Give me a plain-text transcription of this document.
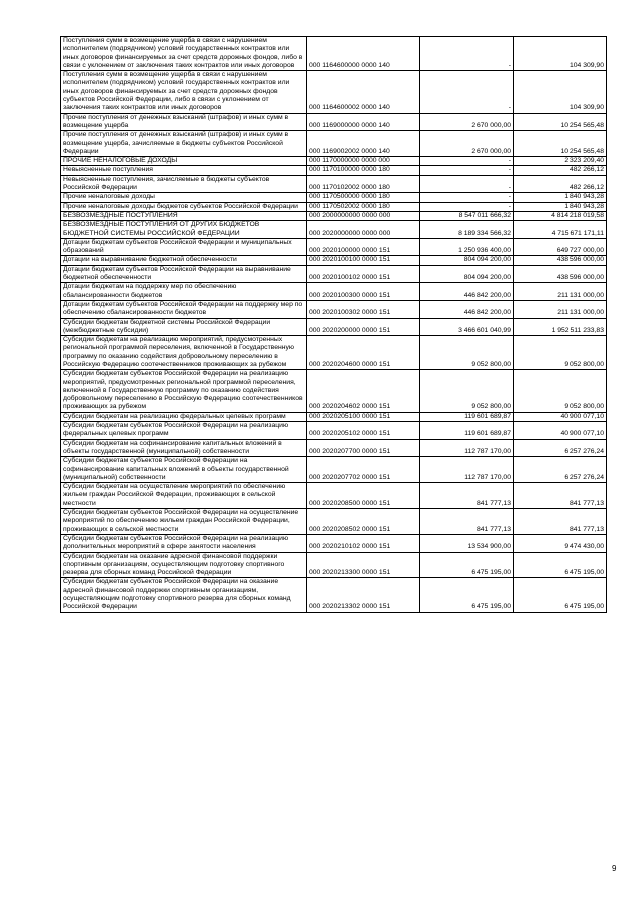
Поступления сумм в возмещение ущерба в связи с нарушением исполнителем (подрядчиком) условий государственных контрактов или иных договоров финансируемых за счет средств дорожных фондов, либо в связи с уклонением от заключения таких контрактов или иных договоров	000 1164600000 0000 140	-	104 309,90
Поступления сумм в возмещение ущерба в связи с нарушением исполнителем (подрядчиком) условий государственных контрактов или иных договоров финансируемых за счет средств дорожных фондов субъектов Российской Федерации, либо в связи с уклонением от заключения таких контрактов или иных договоров	000 1164600002 0000 140	-	104 309,90
Прочие поступления от денежных взысканий (штрафов) и иных сумм в возмещение ущерба	000 1169000000 0000 140	2 670 000,00	10 254 565,48
Прочие поступления от денежных взысканий (штрафов) и иных сумм в возмещение ущерба, зачисляемые в бюджеты субъектов Российской Федерации	000 1169002002 0000 140	2 670 000,00	10 254 565,48
ПРОЧИЕ НЕНАЛОГОВЫЕ ДОХОДЫ	000 1170000000 0000 000	-	2 323 209,40
Невыясненные поступления	000 1170100000 0000 180	-	482 266,12
Невыясненные поступления, зачисляемые в бюджеты субъектов Российской Федерации	000 1170102002 0000 180	-	482 266,12
Прочие неналоговые доходы	000 1170500000 0000 180	-	1 840 943,28
Прочие неналоговые доходы бюджетов субъектов Российской Федерации	000 1170502002 0000 180	-	1 840 943,28
БЕЗВОЗМЕЗДНЫЕ ПОСТУПЛЕНИЯ	000 2000000000 0000 000	8 547 011 666,32	4 814 218 019,58
БЕЗВОЗМЕЗДНЫЕ ПОСТУПЛЕНИЯ ОТ ДРУГИХ БЮДЖЕТОВ БЮДЖЕТНОЙ СИСТЕМЫ РОССИЙСКОЙ ФЕДЕРАЦИИ	000 2020000000 0000 000	8 189 334 566,32	4 715 671 171,11
Дотации бюджетам субъектов Российской Федерации и муниципальных образований	000 2020100000 0000 151	1 250 936 400,00	649 727 000,00
Дотации на выравнивание бюджетной обеспеченности	000 2020100100 0000 151	804 094 200,00	438 596 000,00
Дотации бюджетам субъектов Российской Федерации на выравнивание бюджетной обеспеченности	000 2020100102 0000 151	804 094 200,00	438 596 000,00
Дотации бюджетам на поддержку мер по обеспечению сбалансированности бюджетов	000 2020100300 0000 151	446 842 200,00	211 131 000,00
Дотации бюджетам субъектов Российской Федерации на поддержку мер по обеспечению сбалансированности бюджетов	000 2020100302 0000 151	446 842 200,00	211 131 000,00
Субсидии бюджетам бюджетной системы Российской Федерации (межбюджетные субсидии)	000 2020200000 0000 151	3 466 601 040,99	1 952 511 233,83
Субсидии бюджетам на реализацию мероприятий, предусмотренных региональной программой переселения, включенной в Государственную программу по оказанию содействия добровольному переселению в Российскую Федерацию соотечественников проживающих за рубежом	000 2020204600 0000 151	9 052 800,00	9 052 800,00
Субсидии бюджетам субъектов Российской Федерации на реализацию мероприятий, предусмотренных региональной программой переселения, включенной в Государственную программу по оказанию содействия добровольному переселению в Российскую Федерацию соотечественников проживающих за рубежом	000 2020204602 0000 151	9 052 800,00	9 052 800,00
Субсидии бюджетам на реализацию федеральных целевых программ	000 2020205100 0000 151	119 601 689,87	40 900 077,10
Субсидии бюджетам субъектов Российской Федерации на реализацию федеральных целевых программ	000 2020205102 0000 151	119 601 689,87	40 900 077,10
Субсидии бюджетам на софинансирование капитальных вложений в объекты государственной (муниципальной) собственности	000 2020207700 0000 151	112 787 170,00	6 257 276,24
Субсидии бюджетам субъектов Российской Федерации на софинансирование капитальных вложений в объекты государственной (муниципальной) собственности	000 2020207702 0000 151	112 787 170,00	6 257 276,24
Субсидии бюджетам на осуществление мероприятий по обеспечению жильем граждан Российской Федерации, проживающих в сельской местности	000 2020208500 0000 151	841 777,13	841 777,13
Субсидии бюджетам субъектов Российской Федерации на осуществление мероприятий по обеспечению жильем граждан Российской Федерации, проживающих в сельской местности	000 2020208502 0000 151	841 777,13	841 777,13
Субсидии бюджетам субъектов Российской Федерации на реализацию дополнительных мероприятий в сфере занятости населения	000 2020210102 0000 151	13 534 900,00	9 474 430,00
Субсидии бюджетам на оказание адресной финансовой поддержки спортивным организациям, осуществляющим подготовку спортивного резерва для сборных команд Российской Федерации	000 2020213300 0000 151	6 475 195,00	6 475 195,00
Субсидии бюджетам субъектов Российской Федерации на оказание адресной финансовой поддержки спортивным организациям, осуществляющим подготовку спортивного резерва для сборных команд Российской Федерации	000 2020213302 0000 151	6 475 195,00	6 475 195,00
9
